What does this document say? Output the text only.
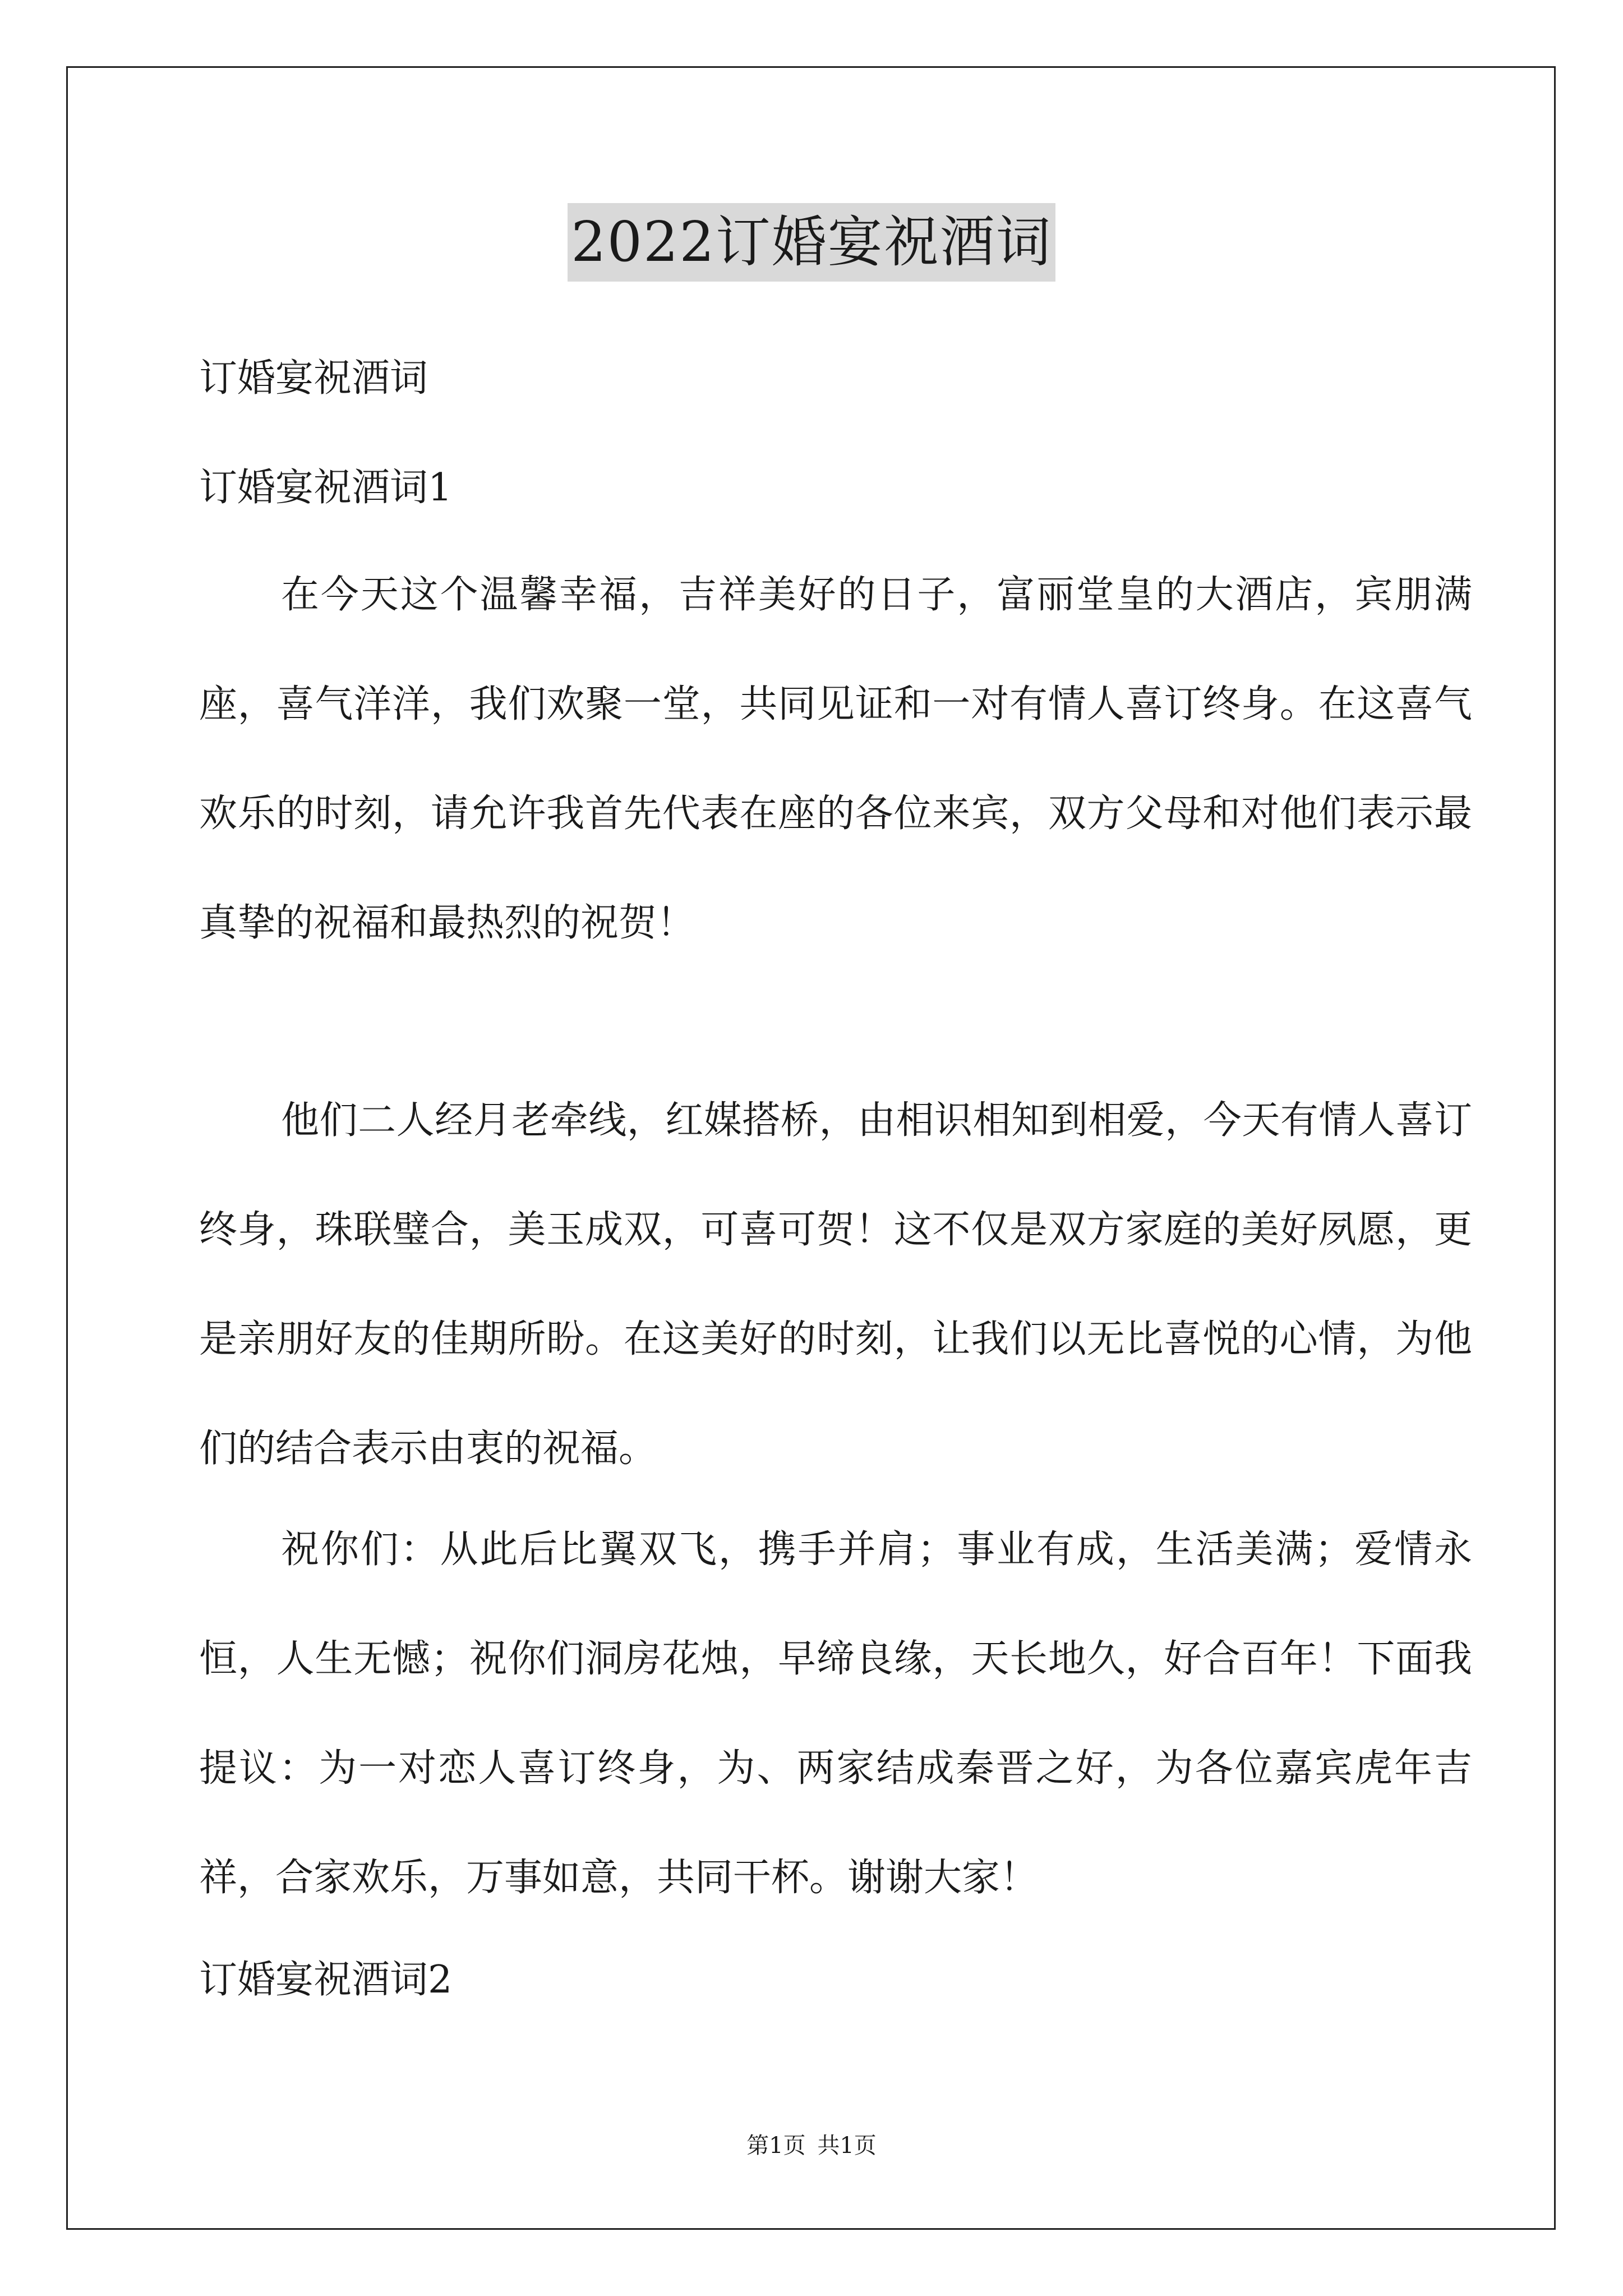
2022订婚宴祝酒词
订婚宴祝酒词
订婚宴祝酒词1

在今天这个温馨幸福，吉祥美好的日子，富丽堂皇的大酒店，宾朋满座，喜气洋洋，我们欢聚一堂，共同见证和一对有情人喜订终身。在这喜气欢乐的时刻，请允许我首先代表在座的各位来宾，双方父母和对他们表示最真挚的祝福和最热烈的祝贺！

他们二人经月老牵线，红媒搭桥，由相识相知到相爱，今天有情人喜订终身，珠联璧合，美玉成双，可喜可贺！这不仅是双方家庭的美好夙愿，更是亲朋好友的佳期所盼。在这美好的时刻，让我们以无比喜悦的心情，为他们的结合表示由衷的祝福。

祝你们：从此后比翼双飞，携手并肩；事业有成，生活美满；爱情永恒，人生无憾；祝你们洞房花烛，早缔良缘，天长地久，好合百年！下面我提议：为一对恋人喜订终身，为、两家结成秦晋之好，为各位嘉宾虎年吉祥，合家欢乐，万事如意，共同干杯。谢谢大家！

订婚宴祝酒词2
第1页 共1页
